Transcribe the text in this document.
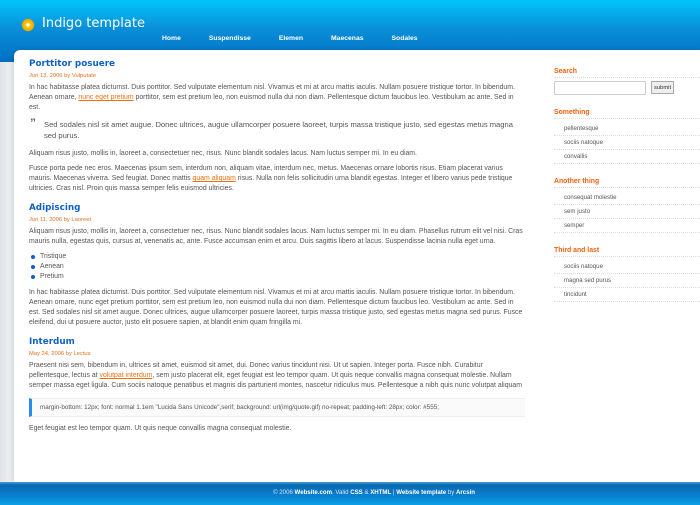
Indigo template
Home	Suspendisse	Elemen	Maecenas	Sodales
Porttitor posuere
Jun 13, 2006 by Vulputate

In hac habitasse platea dictumst. Duis porttitor. Sed vulputate elementum nisl. Vivamus et mi at arcu mattis iaculis. Nullam posuere tristique tortor. In bibendum. Aenean ornare, nunc eget pretium porttitor, sem est pretium leo, non euismod nulla dui non diam. Pellentesque dictum faucibus leo. Vestibulum ac ante. Sed in est.

” Sed sodales nisl sit amet augue. Donec ultrices, augue ullamcorper posuere laoreet, turpis massa tristique justo, sed egestas metus magna sed purus.

Aliquam risus justo, mollis in, laoreet a, consectetuer nec, risus. Nunc blandit sodales lacus. Nam luctus semper mi. In eu diam.

Fusce porta pede nec eros. Maecenas ipsum sem, interdum non, aliquam vitae, interdum nec, metus. Maecenas ornare lobortis risus. Etiam placerat varius mauris. Maecenas viverra. Sed feugiat. Donec mattis quam aliquam risus. Nulla non felis sollicitudin urna blandit egestas. Integer et libero varius pede tristique ultricies. Cras nisl. Proin quis massa semper felis euismod ultricies.

Adipiscing
Jun 11, 2006 by Laoreet

Aliquam risus justo, mollis in, laoreet a, consectetuer nec, risus. Nunc blandit sodales lacus. Nam luctus semper mi. In eu diam. Phasellus rutrum elit vel nisi. Cras mauris nulla, egestas quis, cursus at, venenatis ac, ante. Fusce accumsan enim et arcu. Duis sagittis libero at lacus. Suspendisse lacinia nulla eget urna.

Tristique
Aenean
Pretium

In hac habitasse platea dictumst. Duis porttitor. Sed vulputate elementum nisl. Vivamus et mi at arcu mattis iaculis. Nullam posuere tristique tortor. In bibendum. Aenean ornare, nunc eget pretium porttitor, sem est pretium leo, non euismod nulla dui non diam. Pellentesque dictum faucibus leo. Vestibulum ac ante. Sed in est. Sed sodales nisl sit amet augue. Donec ultrices, augue ullamcorper posuere laoreet, turpis massa tristique justo, sed egestas metus magna sed purus. Fusce eleifend, dui ut posuere auctor, justo elit posuere sapien, at blandit enim quam fringilla mi.

Interdum
May 24, 2006 by Lectus

Praesent nisi sem, bibendum in, ultrices sit amet, euismod sit amet, dui. Donec varius tincidunt nisi. Ut ut sapien. Integer porta. Fusce nibh. Curabitur pellentesque, lectus at volutpat interdum, sem justo placerat elit, eget feugiat est leo tempor quam. Ut quis neque convallis magna consequat molestie. Nullam semper massa eget ligula. Cum sociis natoque penatibus et magnis dis parturient montes, nascetur ridiculus mus. Pellentesque a nibh quis nunc volutpat aliquam

margin-bottom: 12px; font: normal 1.1em "Lucida Sans Unicode",serif; background: url(img/quote.gif) no-repeat; padding-left: 28px; color: #555;

Eget feugiat est leo tempor quam. Ut quis neque convallis magna consequat molestie.

Search
submit
Something
pellentesque
sociis natoque
convallis
Another thing
consequat molestie
sem justo
semper
Third and last
sociis natoque
magna sed purus
tincidunt
© 2006 Website.com. Valid CSS & XHTML | Website template by Arcsin
